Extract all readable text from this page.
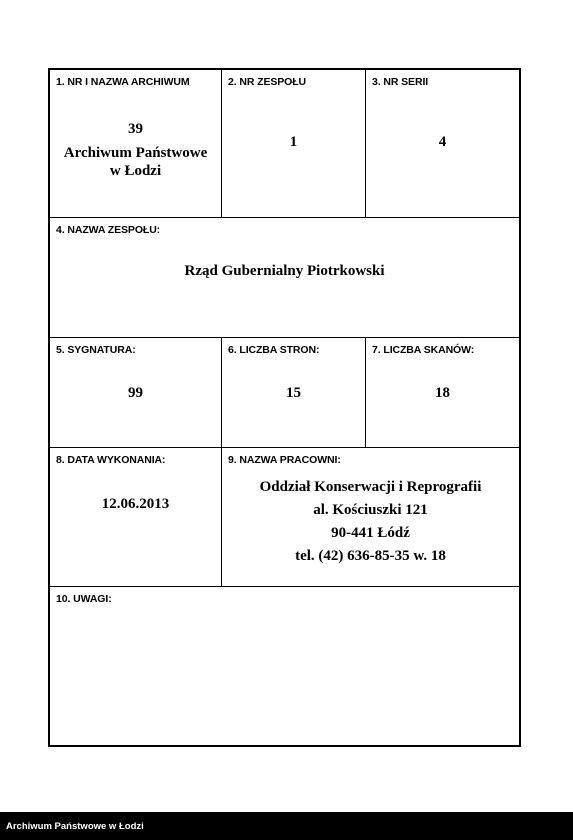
1. NR I NAZWA ARCHIWUM
39
Archiwum Państwowe
w Łodzi
2. NR ZESPOŁU
1
3. NR SERII
4
4. NAZWA ZESPOŁU:
Rząd Gubernialny Piotrkowski
5. SYGNATURA:
99
6. LICZBA STRON:
15
7. LICZBA SKANÓW:
18
8. DATA WYKONANIA:
12.06.2013
9. NAZWA PRACOWNI:
Oddział Konserwacji i Reprografii
al. Kościuszki 121
90-441 Łódź
tel. (42) 636-85-35 w. 18
10. UWAGI:
Archiwum Państwowe w Łodzi
